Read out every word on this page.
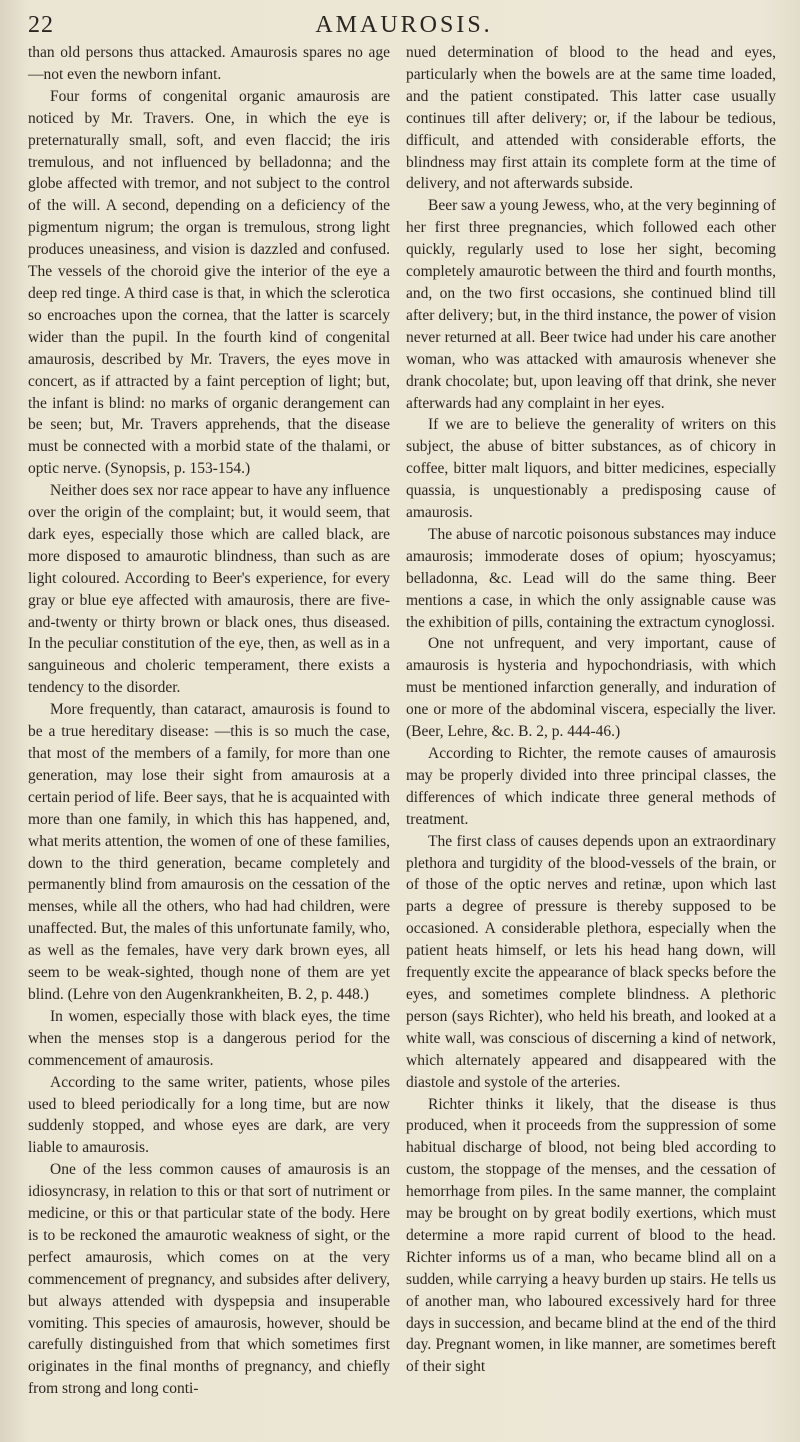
22	AMAUROSIS.

than old persons thus attacked. Amaurosis spares no age—not even the newborn infant.

Four forms of congenital organic amaurosis are noticed by Mr. Travers. One, in which the eye is preternaturally small, soft, and even flaccid; the iris tremulous, and not influenced by belladonna; and the globe affected with tremor, and not subject to the control of the will. A second, depending on a deficiency of the pigmentum nigrum; the organ is tremulous, strong light produces uneasiness, and vision is dazzled and confused. The vessels of the choroid give the interior of the eye a deep red tinge. A third case is that, in which the sclerotica so encroaches upon the cornea, that the latter is scarcely wider than the pupil. In the fourth kind of congenital amaurosis, described by Mr. Travers, the eyes move in concert, as if attracted by a faint perception of light; but, the infant is blind: no marks of organic derangement can be seen; but, Mr. Travers apprehends, that the disease must be connected with a morbid state of the thalami, or optic nerve. (Synopsis, p. 153-154.)

Neither does sex nor race appear to have any influence over the origin of the complaint; but, it would seem, that dark eyes, especially those which are called black, are more disposed to amaurotic blindness, than such as are light coloured. According to Beer's experience, for every gray or blue eye affected with amaurosis, there are five-and-twenty or thirty brown or black ones, thus diseased. In the peculiar constitution of the eye, then, as well as in a sanguineous and choleric temperament, there exists a tendency to the disorder.

More frequently, than cataract, amaurosis is found to be a true hereditary disease: —this is so much the case, that most of the members of a family, for more than one generation, may lose their sight from amaurosis at a certain period of life. Beer says, that he is acquainted with more than one family, in which this has happened, and, what merits attention, the women of one of these families, down to the third generation, became completely and permanently blind from amaurosis on the cessation of the menses, while all the others, who had had children, were unaffected. But, the males of this unfortunate family, who, as well as the females, have very dark brown eyes, all seem to be weak-sighted, though none of them are yet blind. (Lehre von den Augenkrankheiten, B. 2, p. 448.)

In women, especially those with black eyes, the time when the menses stop is a dangerous period for the commencement of amaurosis.

According to the same writer, patients, whose piles used to bleed periodically for a long time, but are now suddenly stopped, and whose eyes are dark, are very liable to amaurosis.

One of the less common causes of amaurosis is an idiosyncrasy, in relation to this or that sort of nutriment or medicine, or this or that particular state of the body. Here is to be reckoned the amaurotic weakness of sight, or the perfect amaurosis, which comes on at the very commencement of pregnancy, and subsides after delivery, but always attended with dyspepsia and insuperable vomiting. This species of amaurosis, however, should be carefully distinguished from that which sometimes first originates in the final months of pregnancy, and chiefly from strong and long conti-

nued determination of blood to the head and eyes, particularly when the bowels are at the same time loaded, and the patient constipated. This latter case usually continues till after delivery; or, if the labour be tedious, difficult, and attended with considerable efforts, the blindness may first attain its complete form at the time of delivery, and not afterwards subside.

Beer saw a young Jewess, who, at the very beginning of her first three pregnancies, which followed each other quickly, regularly used to lose her sight, becoming completely amaurotic between the third and fourth months, and, on the two first occasions, she continued blind till after delivery; but, in the third instance, the power of vision never returned at all. Beer twice had under his care another woman, who was attacked with amaurosis whenever she drank chocolate; but, upon leaving off that drink, she never afterwards had any complaint in her eyes.

If we are to believe the generality of writers on this subject, the abuse of bitter substances, as of chicory in coffee, bitter malt liquors, and bitter medicines, especially quassia, is unquestionably a predisposing cause of amaurosis.

The abuse of narcotic poisonous substances may induce amaurosis; immoderate doses of opium; hyoscyamus; belladonna, &c. Lead will do the same thing. Beer mentions a case, in which the only assignable cause was the exhibition of pills, containing the extractum cynoglossi.

One not unfrequent, and very important, cause of amaurosis is hysteria and hypochondriasis, with which must be mentioned infarction generally, and induration of one or more of the abdominal viscera, especially the liver. (Beer, Lehre, &c. B. 2, p. 444-46.)

According to Richter, the remote causes of amaurosis may be properly divided into three principal classes, the differences of which indicate three general methods of treatment.

The first class of causes depends upon an extraordinary plethora and turgidity of the blood-vessels of the brain, or of those of the optic nerves and retinæ, upon which last parts a degree of pressure is thereby supposed to be occasioned. A considerable plethora, especially when the patient heats himself, or lets his head hang down, will frequently excite the appearance of black specks before the eyes, and sometimes complete blindness. A plethoric person (says Richter), who held his breath, and looked at a white wall, was conscious of discerning a kind of network, which alternately appeared and disappeared with the diastole and systole of the arteries.

Richter thinks it likely, that the disease is thus produced, when it proceeds from the suppression of some habitual discharge of blood, not being bled according to custom, the stoppage of the menses, and the cessation of hemorrhage from piles. In the same manner, the complaint may be brought on by great bodily exertions, which must determine a more rapid current of blood to the head. Richter informs us of a man, who became blind all on a sudden, while carrying a heavy burden up stairs. He tells us of another man, who laboured excessively hard for three days in succession, and became blind at the end of the third day. Pregnant women, in like manner, are sometimes bereft of their sight
